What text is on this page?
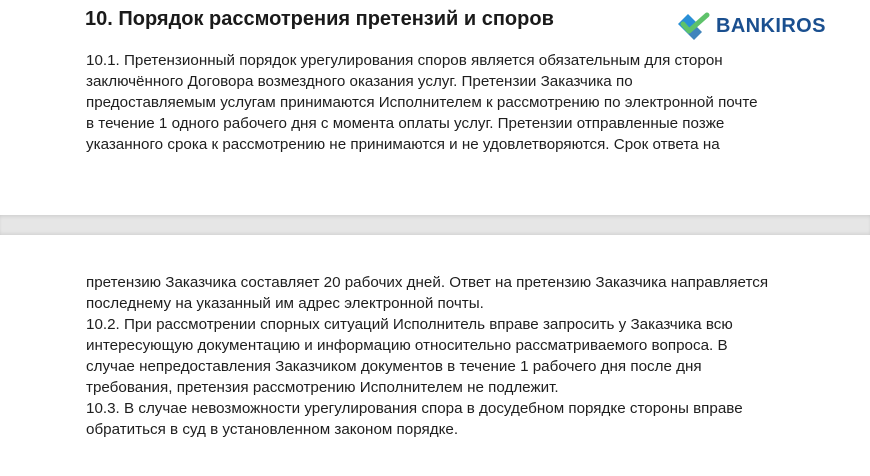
10. Порядок рассмотрения претензий и споров	BANKIROS
10.1. Претензионный порядок урегулирования споров является обязательным для сторон
заключённого Договора возмездного оказания услуг. Претензии Заказчика по
предоставляемым услугам принимаются Исполнителем к рассмотрению по электронной почте
в течение 1 одного рабочего дня с момента оплаты услуг. Претензии отправленные позже
указанного срока к рассмотрению не принимаются и не удовлетворяются. Срок ответа на
претензию Заказчика составляет 20 рабочих дней. Ответ на претензию Заказчика направляется
последнему на указанный им адрес электронной почты.
10.2. При рассмотрении спорных ситуаций Исполнитель вправе запросить у Заказчика всю
интересующую документацию и информацию относительно рассматриваемого вопроса. В
случае непредоставления Заказчиком документов в течение 1 рабочего дня после дня
требования, претензия рассмотрению Исполнителем не подлежит.
10.3. В случае невозможности урегулирования спора в досудебном порядке стороны вправе
обратиться в суд в установленном законом порядке.
